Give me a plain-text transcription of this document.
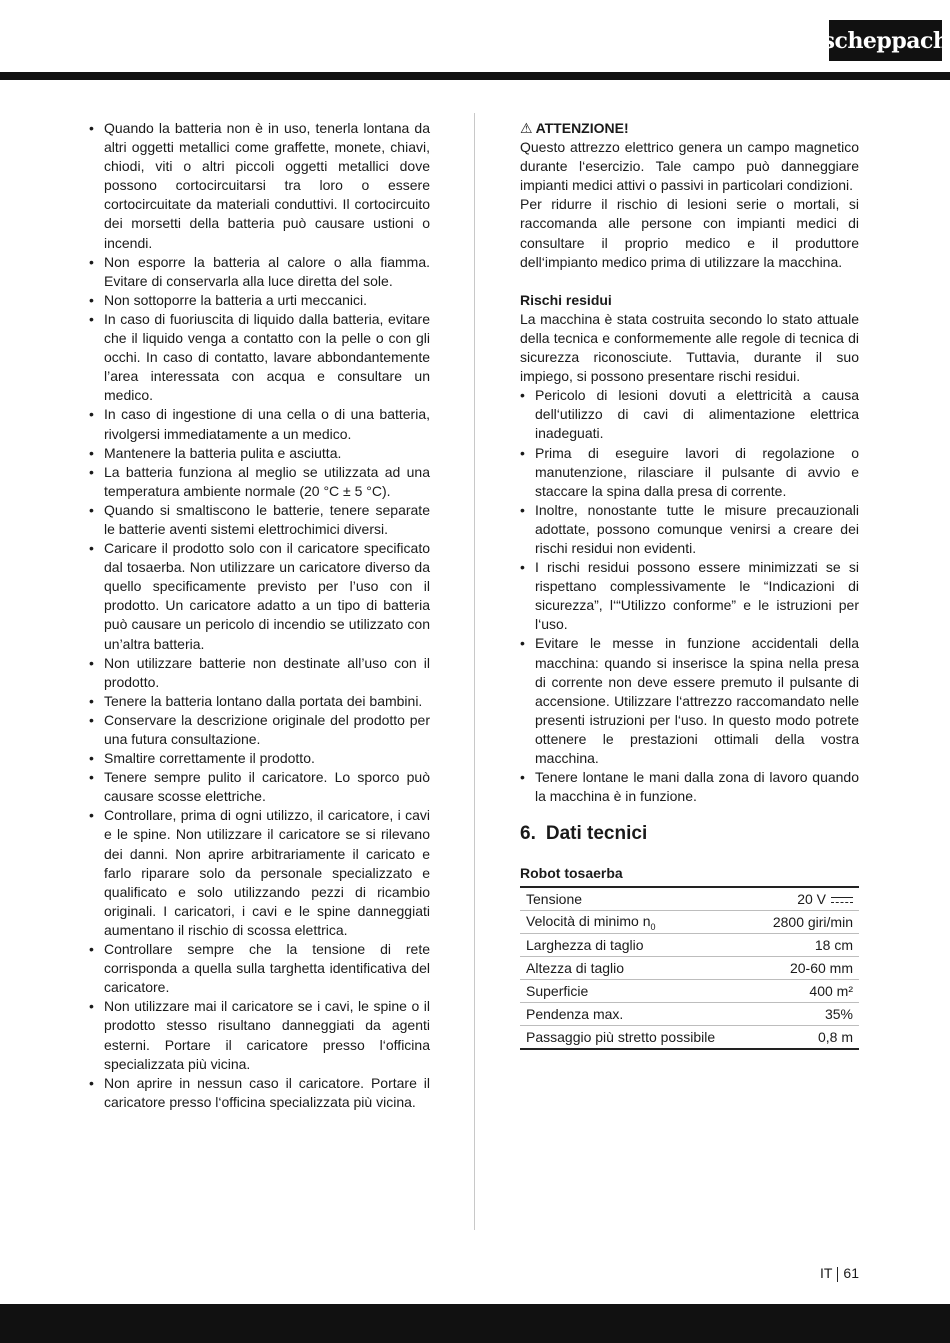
scheppach
• Quando la batteria non è in uso, tenerla lontana da altri oggetti metallici come graffette, monete, chiavi, chiodi, viti o altri piccoli oggetti metallici dove possono cortocircuitarsi tra loro o essere cortocircuitate da materiali conduttivi. Il cortocircuito dei morsetti della batteria può causare ustioni o incendi.
• Non esporre la batteria al calore o alla fiamma. Evitare di conservarla alla luce diretta del sole.
• Non sottoporre la batteria a urti meccanici.
• In caso di fuoriuscita di liquido dalla batteria, evitare che il liquido venga a contatto con la pelle o con gli occhi. In caso di contatto, lavare abbondantemente l’area interessata con acqua e consultare un medico.
• In caso di ingestione di una cella o di una batteria, rivolgersi immediatamente a un medico.
• Mantenere la batteria pulita e asciutta.
• La batteria funziona al meglio se utilizzata ad una temperatura ambiente normale (20 °C ± 5 °C).
• Quando si smaltiscono le batterie, tenere separate le batterie aventi sistemi elettrochimici diversi.
• Caricare il prodotto solo con il caricatore specificato dal tosaerba. Non utilizzare un caricatore diverso da quello specificamente previsto per l’uso con il prodotto. Un caricatore adatto a un tipo di batteria può causare un pericolo di incendio se utilizzato con un’altra batteria.
• Non utilizzare batterie non destinate all’uso con il prodotto.
• Tenere la batteria lontano dalla portata dei bambini.
• Conservare la descrizione originale del prodotto per una futura consultazione.
• Smaltire correttamente il prodotto.
• Tenere sempre pulito il caricatore. Lo sporco può causare scosse elettriche.
• Controllare, prima di ogni utilizzo, il caricatore, i cavi e le spine. Non utilizzare il caricatore se si rilevano dei danni. Non aprire arbitrariamente il caricato e farlo riparare solo da personale specializzato e qualificato e solo utilizzando pezzi di ricambio originali. I caricatori, i cavi e le spine danneggiati aumentano il rischio di scossa elettrica.
• Controllare sempre che la tensione di rete corrisponda a quella sulla targhetta identificativa del caricatore.
• Non utilizzare mai il caricatore se i cavi, le spine o il prodotto stesso risultano danneggiati da agenti esterni. Portare il caricatore presso l‘officina specializzata più vicina.
• Non aprire in nessun caso il caricatore. Portare il caricatore presso l‘officina specializzata più vicina.
⚠ ATTENZIONE!

Questo attrezzo elettrico genera un campo magnetico durante l‘esercizio. Tale campo può danneggiare impianti medici attivi o passivi in particolari condizioni.

Per ridurre il rischio di lesioni serie o mortali, si raccomanda alle persone con impianti medici di consultare il proprio medico e il produttore dell‘impianto medico prima di utilizzare la macchina.

Rischi residui

La macchina è stata costruita secondo lo stato attuale della tecnica e conformemente alle regole di tecnica di sicurezza riconosciute. Tuttavia, durante il suo impiego, si possono presentare rischi residui.

• Pericolo di lesioni dovuti a elettricità a causa dell‘utilizzo di cavi di alimentazione elettrica inadeguati.
• Prima di eseguire lavori di regolazione o manutenzione, rilasciare il pulsante di avvio e staccare la spina dalla presa di corrente.
• Inoltre, nonostante tutte le misure precauzionali adottate, possono comunque venirsi a creare dei rischi residui non evidenti.
• I rischi residui possono essere minimizzati se si rispettano complessivamente le “Indicazioni di sicurezza”, l‘“Utilizzo conforme” e le istruzioni per l‘uso.
• Evitare le messe in funzione accidentali della macchina: quando si inserisce la spina nella presa di corrente non deve essere premuto il pulsante di accensione. Utilizzare l‘attrezzo raccomandato nelle presenti istruzioni per l‘uso. In questo modo potrete ottenere le prestazioni ottimali della vostra macchina.
• Tenere lontane le mani dalla zona di lavoro quando la macchina è in funzione.
6. Dati tecnici
Robot tosaerba
Tensione	20 V

Velocità di minimo $n_0$	2800 giri/min
Larghezza di taglio	18 cm
Altezza di taglio	20-60 mm
Superficie	400 m²
Pendenza max.	35%
Passaggio più stretto possibile	0,8 m
IT 61
